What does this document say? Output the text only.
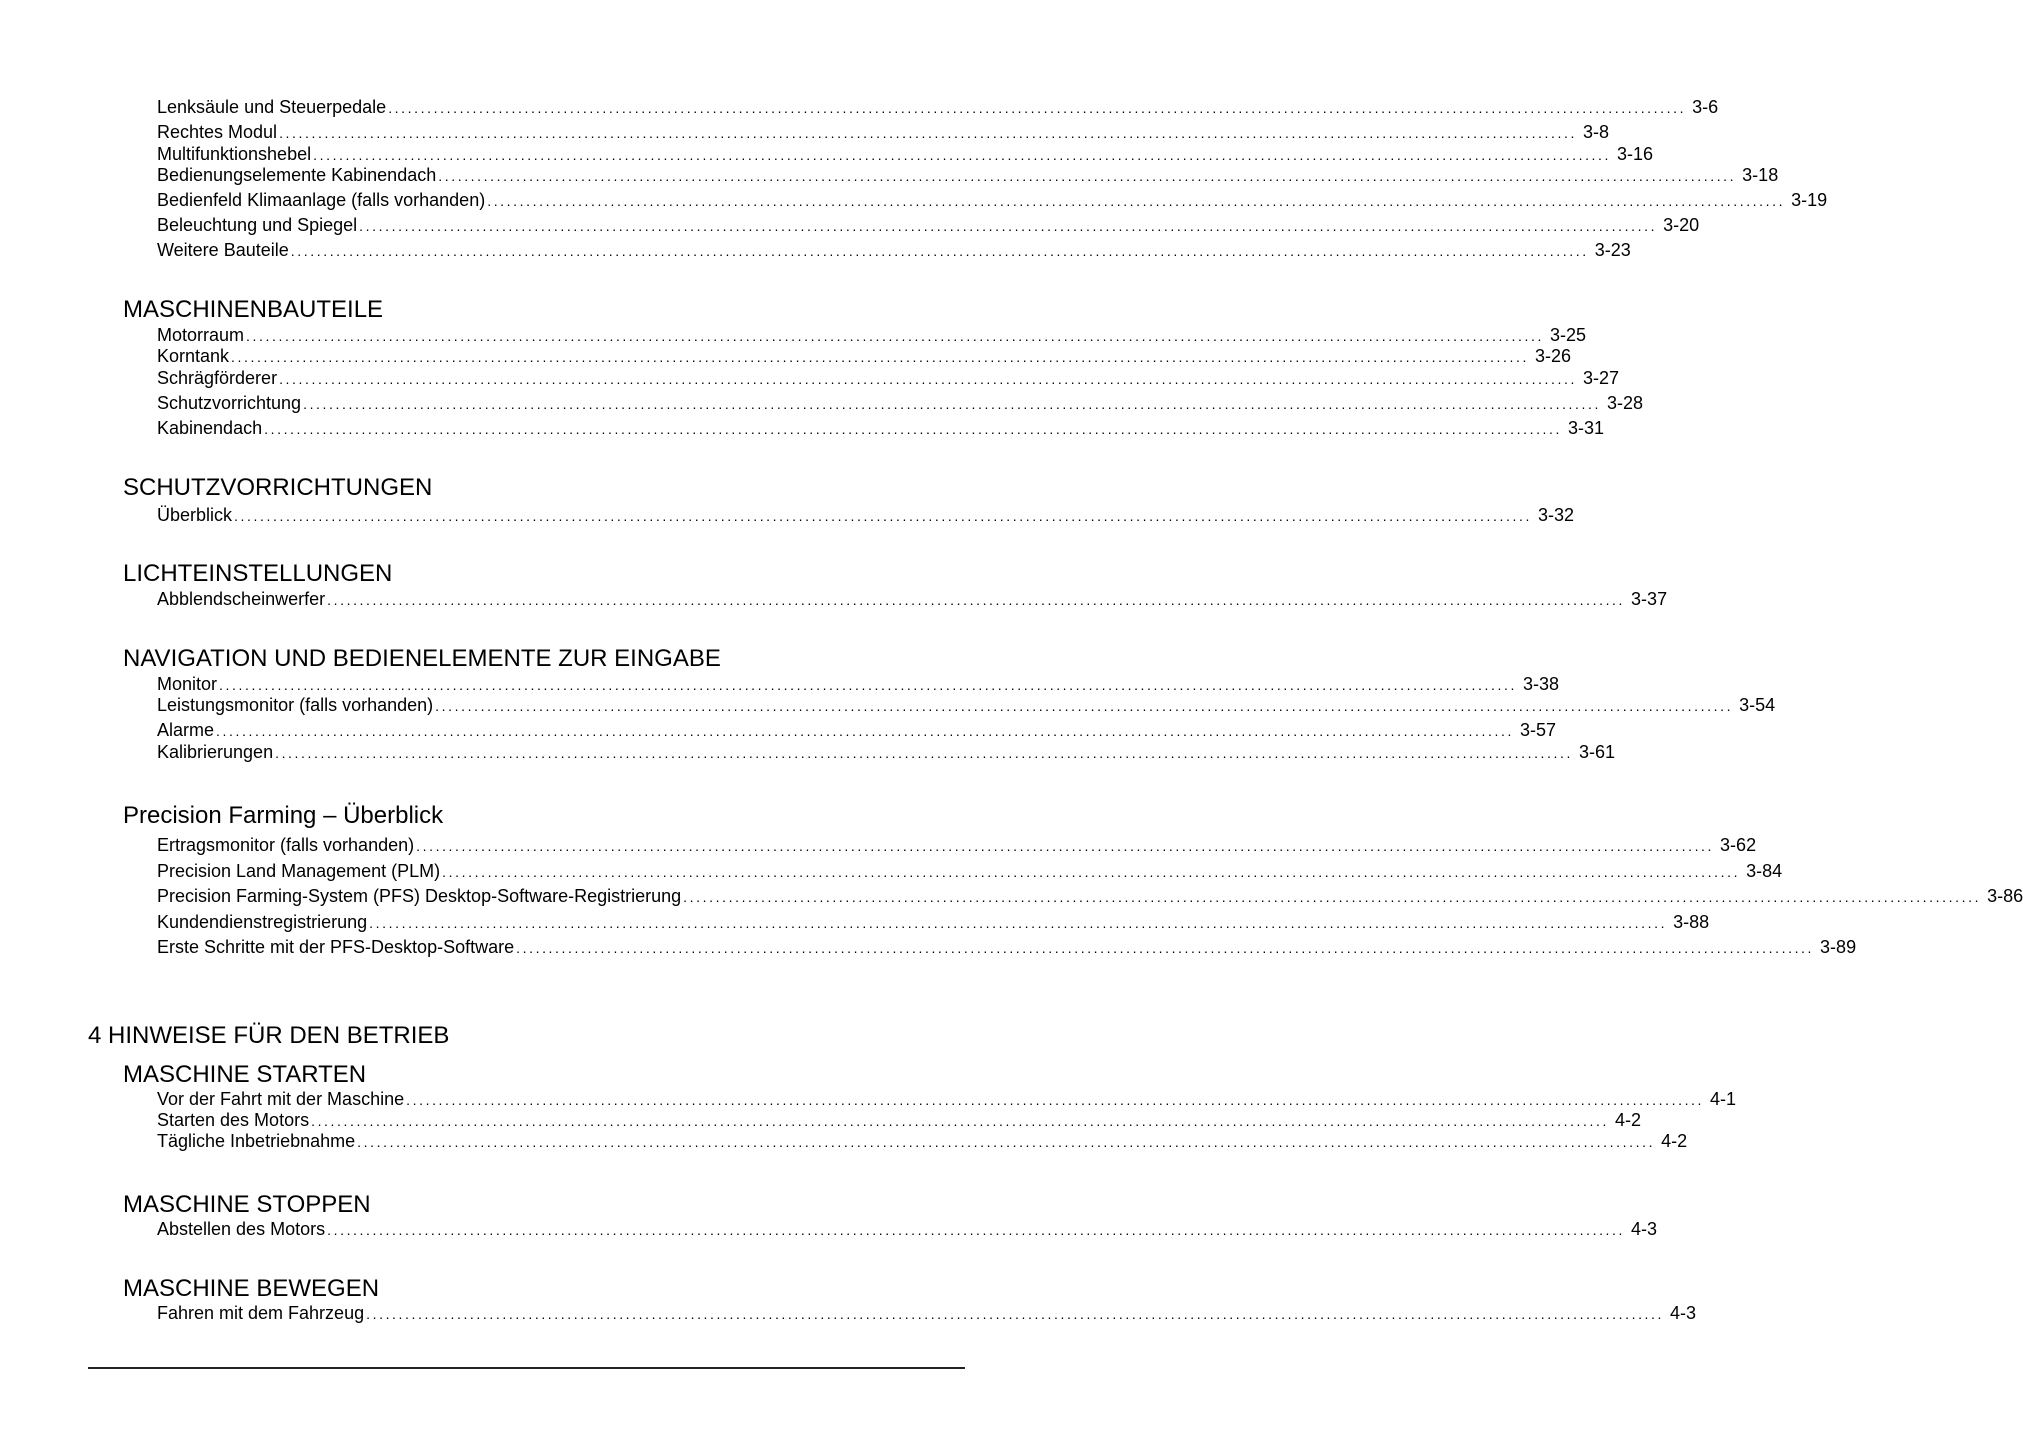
Lenksäule und Steuerpedale ........................................................................................................................................................................................................ 3-6
Rechtes Modul ........................................................................................................................................................................................................ 3-8
Multifunktionshebel ........................................................................................................................................................................................................ 3-16
Bedienungselemente Kabinendach ........................................................................................................................................................................................................ 3-18
Bedienfeld Klimaanlage (falls vorhanden) ........................................................................................................................................................................................................ 3-19
Beleuchtung und Spiegel ........................................................................................................................................................................................................ 3-20
Weitere Bauteile ........................................................................................................................................................................................................ 3-23
MASCHINENBAUTEILE
Motorraum ........................................................................................................................................................................................................ 3-25
Korntank ........................................................................................................................................................................................................ 3-26
Schrägförderer ........................................................................................................................................................................................................ 3-27
Schutzvorrichtung ........................................................................................................................................................................................................ 3-28
Kabinendach ........................................................................................................................................................................................................ 3-31
SCHUTZVORRICHTUNGEN
Überblick ........................................................................................................................................................................................................ 3-32
LICHTEINSTELLUNGEN
Abblendscheinwerfer ........................................................................................................................................................................................................ 3-37
NAVIGATION UND BEDIENELEMENTE ZUR EINGABE
Monitor ........................................................................................................................................................................................................ 3-38
Leistungsmonitor (falls vorhanden) ........................................................................................................................................................................................................ 3-54
Alarme ........................................................................................................................................................................................................ 3-57
Kalibrierungen ........................................................................................................................................................................................................ 3-61
Precision Farming – Überblick
Ertragsmonitor (falls vorhanden) ........................................................................................................................................................................................................ 3-62
Precision Land Management (PLM) ........................................................................................................................................................................................................ 3-84
Precision Farming-System (PFS) Desktop-Software-Registrierung ........................................................................................................................................................................................................ 3-86
Kundendienstregistrierung ........................................................................................................................................................................................................ 3-88
Erste Schritte mit der PFS-Desktop-Software ........................................................................................................................................................................................................ 3-89
4 HINWEISE FÜR DEN BETRIEB
MASCHINE STARTEN
Vor der Fahrt mit der Maschine ........................................................................................................................................................................................................ 4-1
Starten des Motors ........................................................................................................................................................................................................ 4-2
Tägliche Inbetriebnahme ........................................................................................................................................................................................................ 4-2
MASCHINE STOPPEN
Abstellen des Motors ........................................................................................................................................................................................................ 4-3
MASCHINE BEWEGEN
Fahren mit dem Fahrzeug ........................................................................................................................................................................................................ 4-3
